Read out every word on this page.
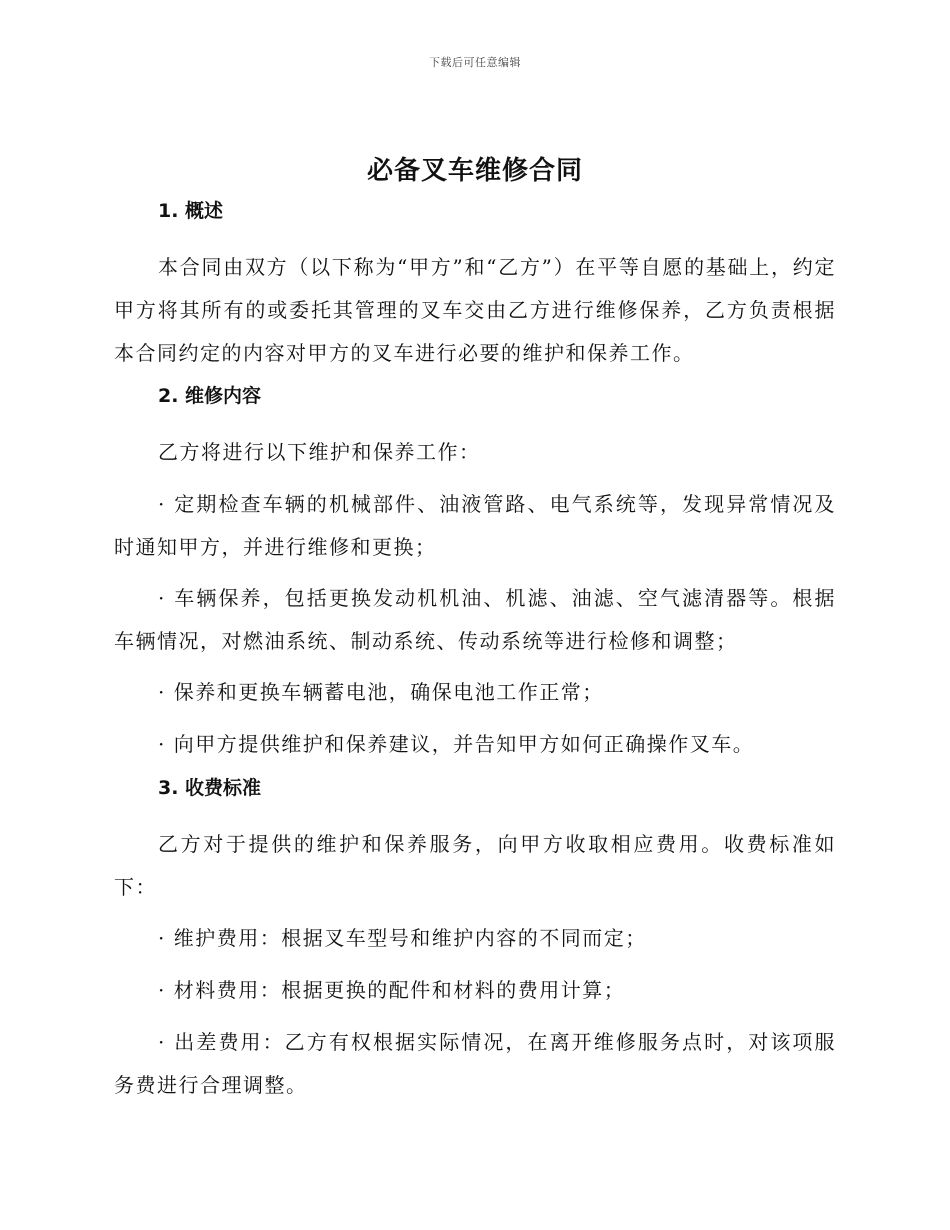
下载后可任意编辑
必备叉车维修合同
1. 概述

本合同由双方（以下称为“甲方”和“乙方”）在平等自愿的基础上，约定甲方将其所有的或委托其管理的叉车交由乙方进行维修保养，乙方负责根据本合同约定的内容对甲方的叉车进行必要的维护和保养工作。

2. 维修内容

乙方将进行以下维护和保养工作：

· 定期检查车辆的机械部件、油液管路、电气系统等，发现异常情况及时通知甲方，并进行维修和更换；

· 车辆保养，包括更换发动机机油、机滤、油滤、空气滤清器等。根据车辆情况，对燃油系统、制动系统、传动系统等进行检修和调整；

· 保养和更换车辆蓄电池，确保电池工作正常；

· 向甲方提供维护和保养建议，并告知甲方如何正确操作叉车。

3. 收费标准

乙方对于提供的维护和保养服务，向甲方收取相应费用。收费标准如下：

· 维护费用：根据叉车型号和维护内容的不同而定；

· 材料费用：根据更换的配件和材料的费用计算；

· 出差费用：乙方有权根据实际情况，在离开维修服务点时，对该项服务费进行合理调整。
